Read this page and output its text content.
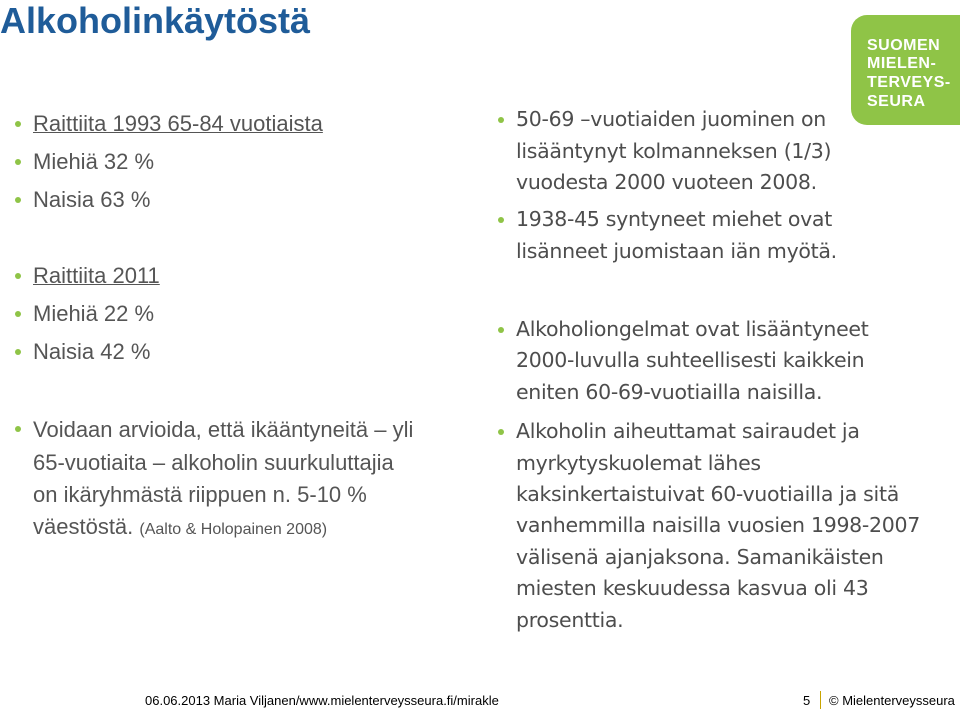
Alkoholinkäytöstä
SUOMEN
MIELEN-
TERVEYS-
SEURA
Raittiita 1993 65-84 vuotiaista
Miehiä 32 %
Naisia 63 %
Raittiita 2011
Miehiä 22 %
Naisia 42 %
Voidaan arvioida, että ikääntyneitä – yli
65-vuotiaita – alkoholin suurkuluttajia
on ikäryhmästä riippuen n. 5-10 %
väestöstä. (Aalto & Holopainen 2008)
50-69 –vuotiaiden juominen on
lisääntynyt kolmanneksen (1/3)
vuodesta 2000 vuoteen 2008.
1938-45 syntyneet miehet ovat
lisänneet juomistaan iän myötä.
Alkoholiongelmat ovat lisääntyneet
2000-luvulla suhteellisesti kaikkein
eniten 60-69-vuotiailla naisilla.
Alkoholin aiheuttamat sairaudet ja
myrkytyskuolemat lähes
kaksinkertaistuivat 60-vuotiailla ja sitä
vanhemmilla naisilla vuosien 1998-2007
välisenä ajanjaksona. Samanikäisten
miesten keskuudessa kasvua oli 43
prosenttia.
06.06.2013 Maria Viljanen/www.mielenterveysseura.fi/mirakle	5 © Mielenterveysseura
